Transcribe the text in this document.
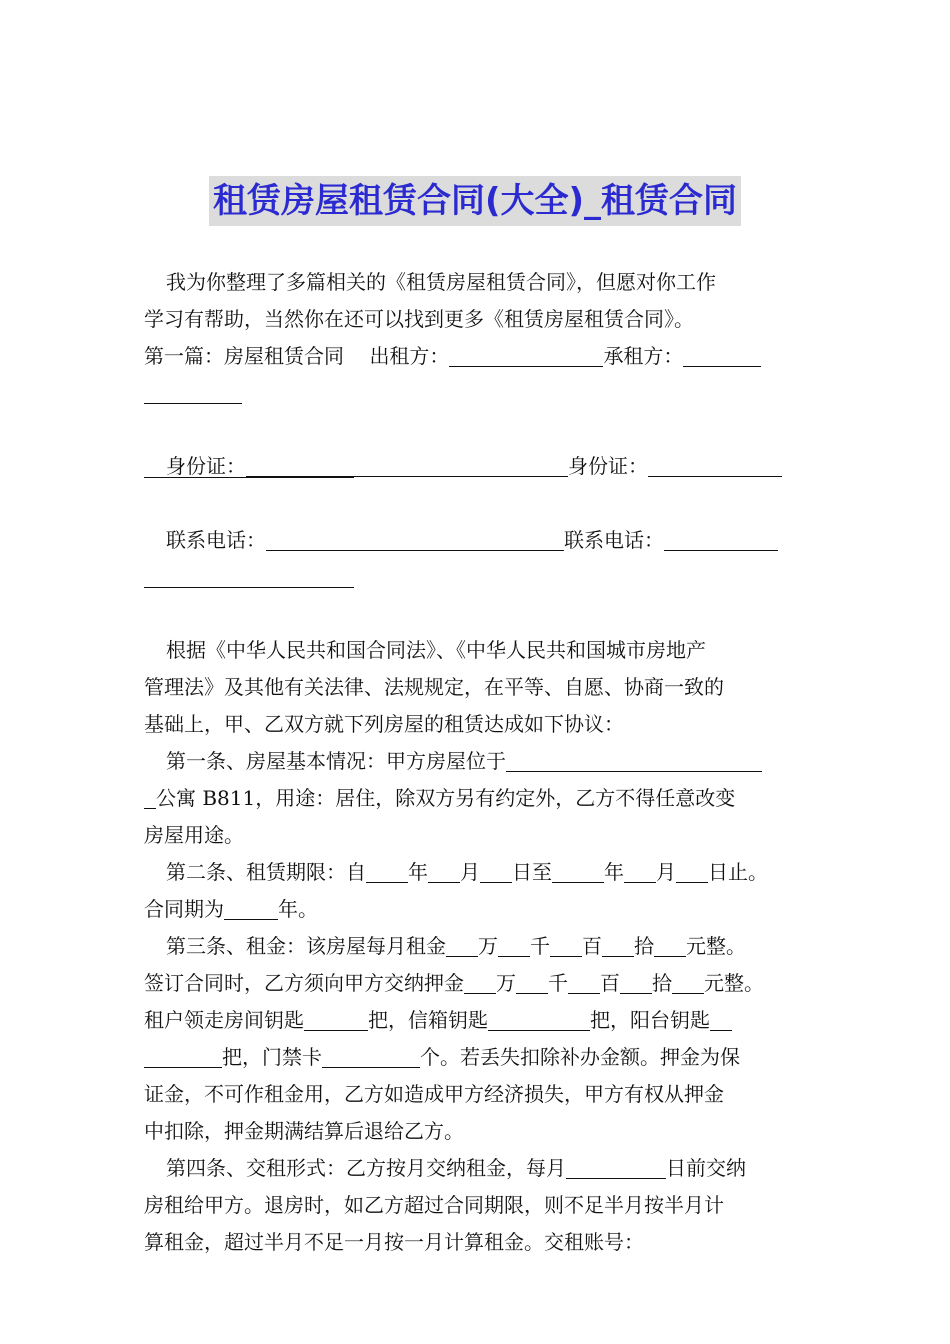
租赁房屋租赁合同(大全)_租赁合同
我为你整理了多篇相关的《租赁房屋租赁合同》，但愿对你工作
学习有帮助，当然你在还可以找到更多《租赁房屋租赁合同》。
第一篇：房屋租赁合同 出租方：	承租方：
身份证：	身份证：
联系电话：	联系电话：
根据《中华人民共和国合同法》、《中华人民共和国城市房地产
管理法》及其他有关法律、法规规定，在平等、自愿、协商一致的
基础上，甲、乙双方就下列房屋的租赁达成如下协议：
第一条、房屋基本情况：甲方房屋位于
公寓 B811，用途：居住，除双方另有约定外，乙方不得任意改变
房屋用途。
第二条、租赁期限：自 年 月 日至	年 月 日止。
合同期为	年。
第三条、租金：该房屋每月租金 万 千 百 拾 元整。
签订合同时，乙方须向甲方交纳押金 万 千 百 拾 元整。
租户领走房间钥匙	把，信箱钥匙	把，阳台钥匙
把，门禁卡	个。若丢失扣除补办金额。押金为保
证金，不可作租金用，乙方如造成甲方经济损失，甲方有权从押金
中扣除，押金期满结算后退给乙方。
第四条、交租形式：乙方按月交纳租金，每月	日前交纳
房租给甲方。退房时，如乙方超过合同期限，则不足半月按半月计
算租金，超过半月不足一月按一月计算租金。交租账号：
